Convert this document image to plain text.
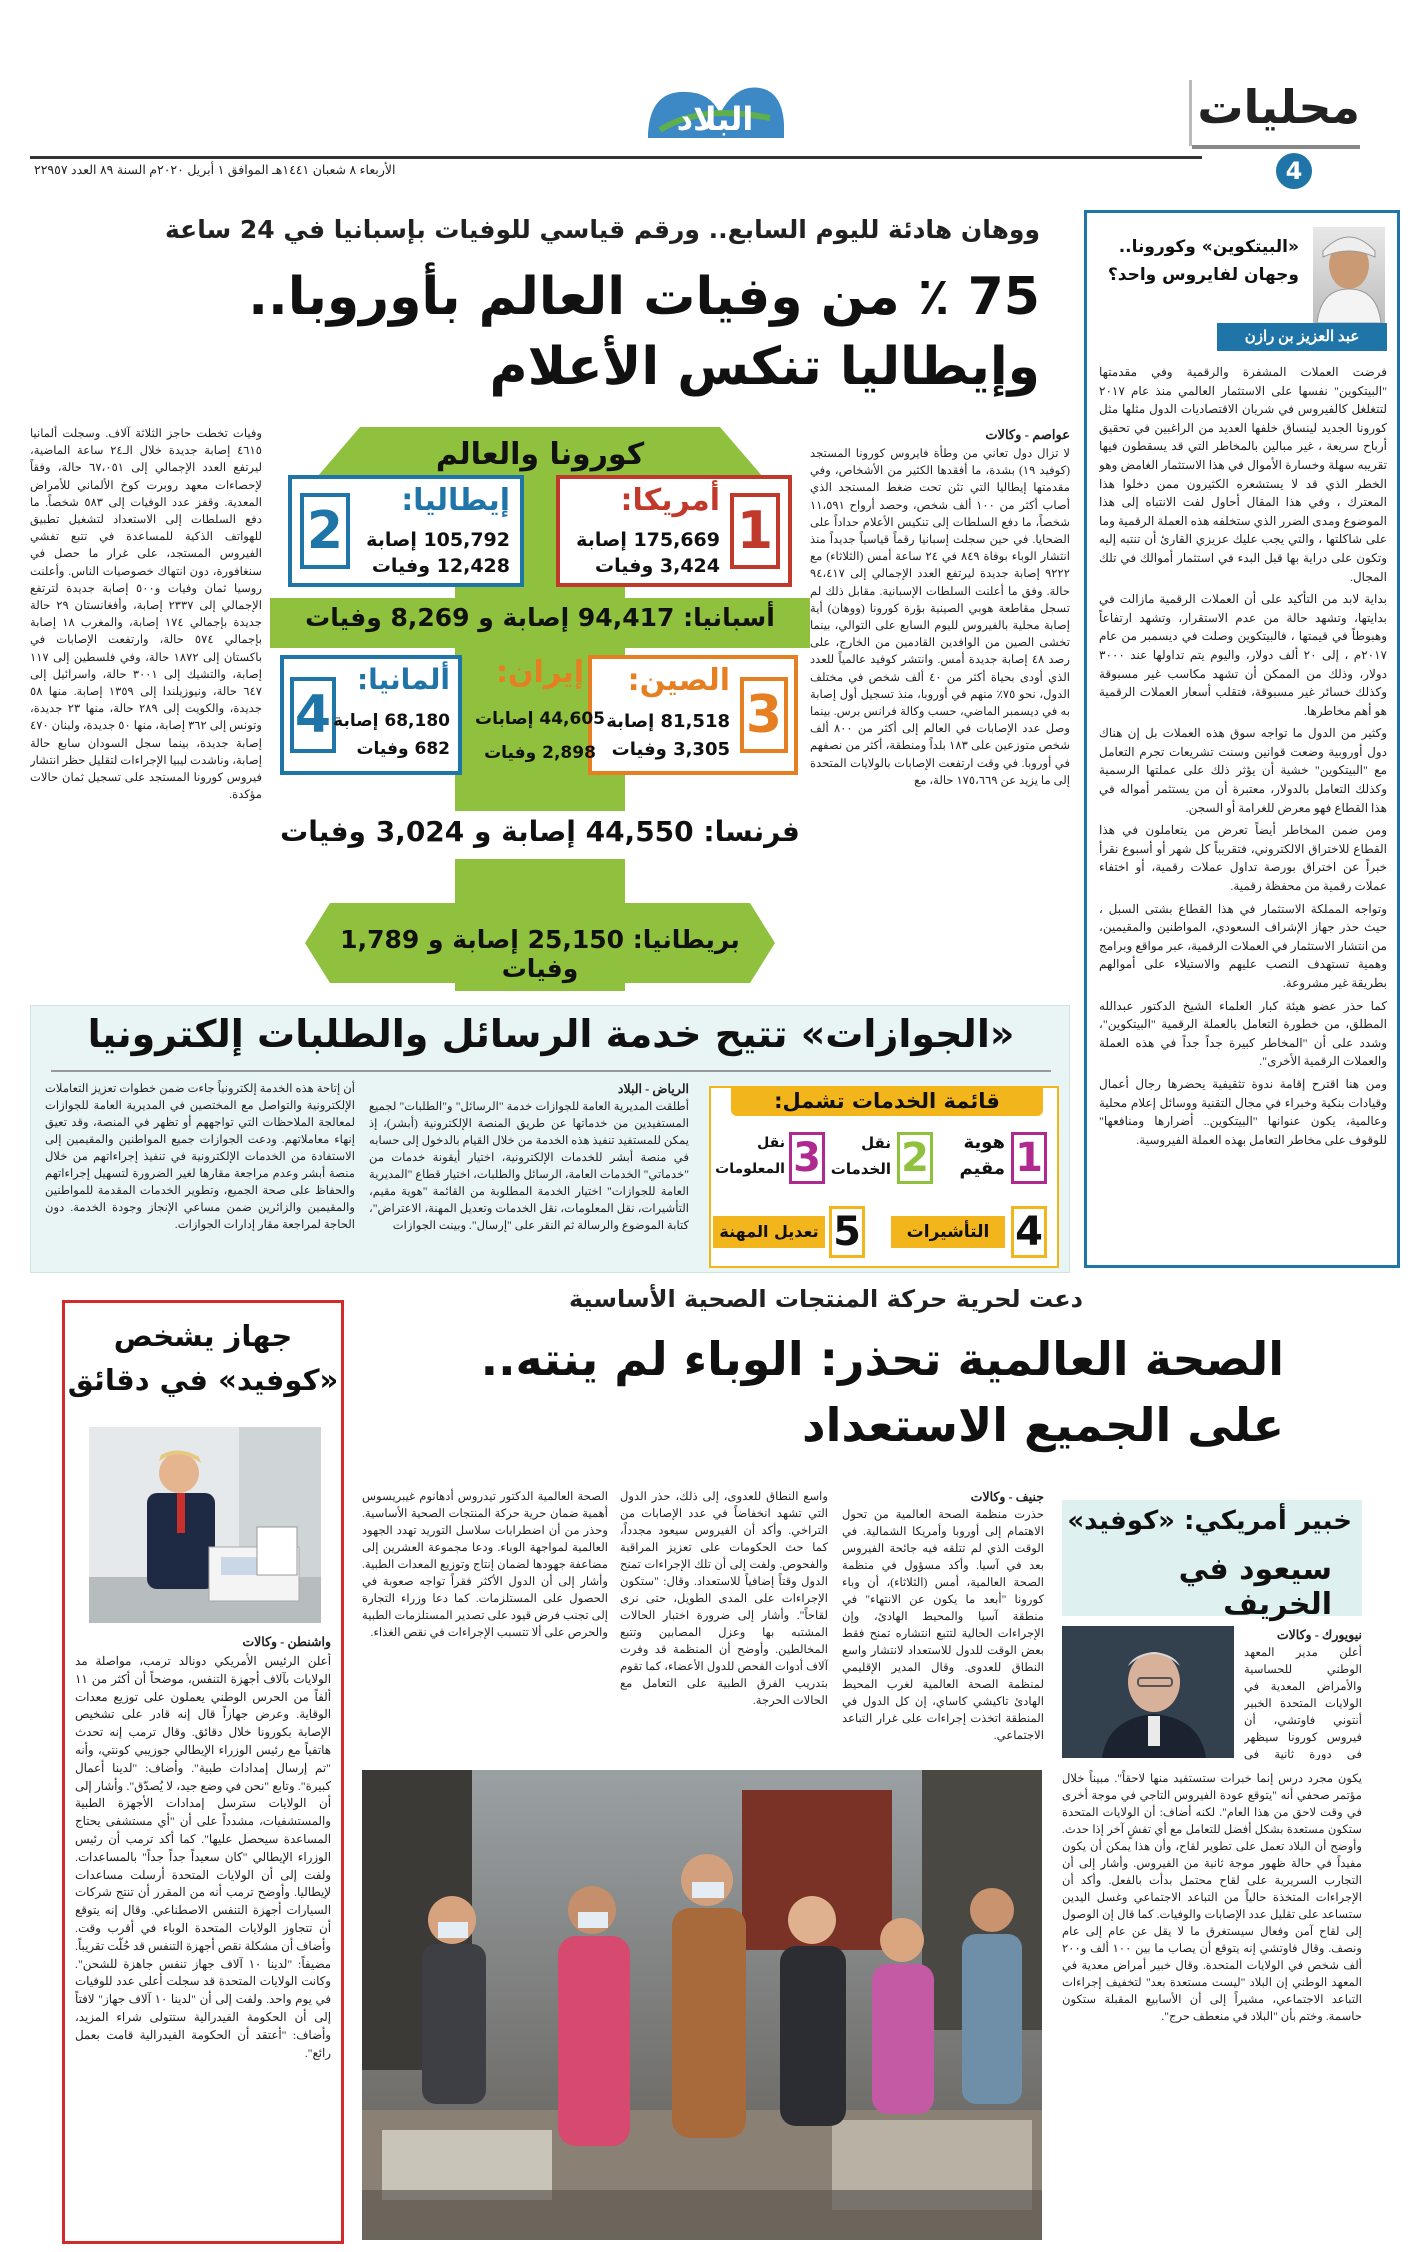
محليات
4
البلاد
الأربعاء ٨ شعبان ١٤٤١هـ الموافق ١ أبريل ٢٠٢٠م السنة ٨٩ العدد ٢٢٩٥٧
«البيتكوين» وكورونا..
وجهان لفايروس واحد؟
عبد العزيز بن رازن

فرضت العملات المشفرة والرقمية وفي مقدمتها "البيتكوين" نفسها على الاستثمار العالمي منذ عام ٢٠١٧ لتتغلغل كالفيروس في شريان الاقتصاديات الدول مثلها مثل كورونا الجديد لينساق خلفها العديد من الراغبين في تحقيق أرباح سريعة ، غير مبالين بالمخاطر التي قد يسقطون فيها تقريبه سهلة وخسارة الأموال في هذا الاستثمار الغامض وهو الخطر الذي قد لا يستشعره الكثيرون ممن دخلوا هذا المعترك ، وفي هذا المقال أحاول لفت الانتباه إلى هذا الموضوع ومدى الضرر الذي ستخلفه هذه العملة الرقمية وما على شاكلتها ، والتي يجب عليك عزيزي القارئ أن تنتبه إليه وتكون على دراية بها قبل البدء في استثمار أموالك في تلك المجال.

بداية لابد من التأكيد على أن العملات الرقمية مازالت في بدايتها، وتشهد حالة من عدم الاستقرار، وتشهد ارتفاعاً وهبوطاً في قيمتها ، فالبيتكوين وصلت في ديسمبر من عام ٢٠١٧م ، إلى ٢٠ ألف دولار، واليوم يتم تداولها عند ٣٠٠٠ دولار، وذلك من الممكن أن تشهد مكاسب غير مسبوقة وكذلك خسائر غير مسبوقة، فتقلب أسعار العملات الرقمية هو أهم مخاطرها.

وكثير من الدول ما تواجه سوق هذه العملات بل إن هناك دول أوروبية وضعت قوانين وسنت تشريعات تجرم التعامل مع "البيتكوين" خشية أن يؤثر ذلك على عملتها الرسمية وكذلك التعامل بالدولار، معتبرة أن من يستثمر أمواله في هذا القطاع فهو معرض للغرامة أو السجن.

ومن ضمن المخاطر أيضاً تعرض من يتعاملون في هذا القطاع للاختراق الالكتروني، فتقريباً كل شهر أو أسبوع نقرأ خبراً عن اختراق بورصة تداول عملات رقمية، أو اختفاء عملات رقمية من محفظة رقمية.

وتواجه المملكة الاستثمار في هذا القطاع بشتى السبل ، حيث حذر جهاز الإشراف السعودي، المواطنين والمقيمين، من انتشار الاستثمار في العملات الرقمية، عبر مواقع وبرامج وهمية تستهدف النصب عليهم والاستيلاء على أموالهم بطريقة غير مشروعة.

كما حذر عضو هيئة كبار العلماء الشيخ الدكتور عبدالله المطلق، من خطورة التعامل بالعملة الرقمية "البيتكوين"، وشدد على أن "المخاطر كبيرة جداً جداً في هذه العملة والعملات الرقمية الأخرى".

ومن هنا اقترح إقامة ندوة تثقيفية يحضرها رجال أعمال وقيادات بنكية وخبراء في مجال التقنية ووسائل إعلام محلية وعالمية، يكون عنوانها "البيتكوين.. أضرارها ومنافعها" للوقوف على مخاطر التعامل بهذه العملة الفيروسية.

ووهان هادئة لليوم السابع.. ورقم قياسي للوفيات بإسبانيا في 24 ساعة
75 ٪ من وفيات العالم بأوروبا..
وإيطاليا تنكس الأعلام
عواصم - وكالات
لا تزال دول تعاني من وطأة فايروس كورونا المستجد (كوفيد ١٩) بشدة، ما أفقدها الكثير من الأشخاص، وفي مقدمتها إيطاليا التي تئن تحت ضغط المستجد الذي أصاب أكثر من ١٠٠ ألف شخص، وحصد أرواح ١١،٥٩١ شخصاً، ما دفع السلطات إلى تنكيس الأعلام حداداً على الضحايا. في حين سجلت إسبانيا رقماً قياسياً جديداً منذ انتشار الوباء بوفاة ٨٤٩ في ٢٤ ساعة أمس (الثلاثاء) مع ٩٢٢٢ إصابة جديدة ليرتفع العدد الإجمالي إلى ٩٤،٤١٧ حالة. وفق ما أعلنت السلطات الإسبانية. مقابل ذلك لم تسجل مقاطعة هوبي الصينية بؤرة كورونا (ووهان) أية إصابة محلية بالفيروس لليوم السابع على التوالي، بينما تخشى الصين من الوافدين القادمين من الخارج، على رصد ٤٨ إصابة جديدة أمس. وانتشر كوفيد عالمياً للعدد الذي أودى بحياة أكثر من ٤٠ ألف شخص في مختلف الدول، نحو ٧٥٪ منهم في أوروبا، منذ تسجيل أول إصابة به في ديسمبر الماضي، حسب وكالة فرانس برس. بينما وصل عدد الإصابات في العالم إلى أكثر من ٨٠٠ ألف شخص متوزعين على ١٨٣ بلداً ومنطقة، أكثر من نصفهم في أوروبا. في وقت ارتفعت الإصابات بالولايات المتحدة إلى ما يزيد عن ١٧٥،٦٦٩ حالة، مع
وفيات تخطت حاجز الثلاثة آلاف. وسجلت ألمانيا ٤٦١٥ إصابة جديدة خلال الـ٢٤ ساعة الماضية، ليرتفع العدد الإجمالي إلى ٦٧،٠٥١ حالة، وفقاً لإحصاءات معهد روبرت كوخ الألماني للأمراض المعدية. وقفز عدد الوفيات إلى ٥٨٣ شخصاً. ما دفع السلطات إلى الاستعداد لتشغيل تطبيق للهواتف الذكية للمساعدة في تتبع تفشي الفيروس المستجد، على غرار ما حصل في سنغافورة، دون انتهاك خصوصيات الناس. وأعلنت روسيا ثمان وفيات و٥٠٠ إصابة جديدة لترتفع الإجمالي إلى ٢٣٣٧ إصابة، وأفغانستان ٢٩ حالة جديدة بإجمالي ١٧٤ إصابة، والمغرب ١٨ إصابة بإجمالي ٥٧٤ حالة، وارتفعت الإصابات في باكستان إلى ١٨٧٢ حالة، وفي فلسطين إلى ١١٧ إصابة، والتشيك إلى ٣٠٠١ حالة، واسرائيل إلى ٦٤٧ حالة، ونيوزيلندا إلى ١٣٥٩ إصابة. منها ٥٨ جديدة، والكويت إلى ٢٨٩ حالة، منها ٢٣ جديدة، وتونس إلى ٣٦٢ إصابة، منها ٥٠ جديدة، ولبنان ٤٧٠ إصابة جديدة، بينما سجل السودان سابع حالة إصابة، وناشدت ليبيا الإجراءات لتقليل حظر انتشار فيروس كورونا المستجد على تسجيل ثمان حالات مؤكدة.
كورونا والعالم
1
أمريكا:
175,669 إصابة
3,424 وفيات
2
إيطاليا:
105,792 إصابة
12,428 وفيات
أسبانيا: 94,417 إصابة و 8,269 وفيات
3
الصين:
81,518 إصابة
3,305 وفيات
إيران:
44,605 إصابات
2,898 وفيات
4
ألمانيا:
68,180 إصابة
682 وفيات
فرنسا: 44,550 إصابة و 3,024 وفيات
بريطانيا: 25,150 إصابة و 1,789 وفيات
«الجوازات» تتيح خدمة الرسائل والطلبات إلكترونيا
قائمة الخدمات تشمل:
1
هوية
مقيم
2
نقل
الخدمات
3
نقل
المعلومات
4
التأشيرات
5
تعديل المهنة
الرياض - البلاد
أطلقت المديرية العامة للجوازات خدمة "الرسائل" و"الطلبات" لجميع المستفيدين من خدماتها عن طريق المنصة الإلكترونية (أبشر)، إذ يمكن للمستفيد تنفيذ هذه الخدمة من خلال القيام بالدخول إلى حسابه في منصة أبشر للخدمات الإلكترونية، اختيار أيقونة خدمات من "خدماتي" الخدمات العامة، الرسائل والطلبات، اختيار قطاع "المديرية العامة للجوازات" اختيار الخدمة المطلوبة من القائمة "هوية مقيم، التأشيرات، نقل المعلومات، نقل الخدمات وتعديل المهنة، الاعتراض"، كتابة الموضوع والرسالة ثم النقر على "إرسال". وبينت الجوازات
أن إتاحة هذه الخدمة إلكترونياً جاءت ضمن خطوات تعزيز التعاملات الإلكترونية والتواصل مع المختصين في المديرية العامة للجوازات لمعالجة الملاحظات التي تواجههم أو تظهر في المنصة، وقد تعيق إنهاء معاملاتهم. ودعت الجوازات جميع المواطنين والمقيمين إلى الاستفادة من الخدمات الإلكترونية في تنفيذ إجراءاتهم من خلال منصة أبشر وعدم مراجعة مقارها لغير الضرورة لتسهيل إجراءاتهم والحفاظ على صحة الجميع، وتطوير الخدمات المقدمة للمواطنين والمقيمين والزائرين ضمن مساعي الإنجاز وجودة الخدمة. دون الحاجة لمراجعة مقار إدارات الجوازات.
دعت لحرية حركة المنتجات الصحية الأساسية
الصحة العالمية تحذر: الوباء لم ينته..
على الجميع الاستعداد
جنيف - وكالات
حذرت منظمة الصحة العالمية من تحول الاهتمام إلى أوروبا وأمريكا الشمالية. في الوقت الذي لم تتلقه فيه جائحة الفيروس بعد في آسيا. وأكد مسؤول في منظمة الصحة العالمية، أمس (الثلاثاء)، أن وباء كورونا "أبعد ما يكون عن الانتهاء" في منطقة آسيا والمحيط الهادئ، وإن الإجراءات الحالية لتتبع انتشاره تمنح فقط بعض الوقت للدول للاستعداد لانتشار واسع النطاق للعدوى. وقال المدير الإقليمي لمنظمة الصحة العالمية لغرب المحيط الهادئ تاكيشي كاساي، إن كل الدول في المنطقة اتخذت إجراءات على غرار التباعد الاجتماعي.
واسع النطاق للعدوى، إلى ذلك، حذر الدول التي تشهد انخفاضاً في عدد الإصابات من التراخي. وأكد أن الفيروس سيعود مجدداً، كما حث الحكومات على تعزيز المراقبة والفحوص. ولفت إلى أن تلك الإجراءات تمنح الدول وقتاً إضافياً للاستعداد. وقال: "ستكون الإجراءات على المدى الطويل، حتى نرى لقاحاً". وأشار إلى ضرورة اختبار الحالات المشتبه بها وعزل المصابين وتتبع المخالطين. وأوضح أن المنظمة قد وفرت آلاف أدوات الفحص للدول الأعضاء، كما تقوم بتدريب الفرق الطبية على التعامل مع الحالات الحرجة.
الصحة العالمية الدكتور تيدروس أدهانوم غيبريسوس أهمية ضمان حرية حركة المنتجات الصحية الأساسية. وحذر من أن اضطرابات سلاسل التوريد تهدد الجهود العالمية لمواجهة الوباء. ودعا مجموعة العشرين إلى مضاعفة جهودها لضمان إنتاج وتوزيع المعدات الطبية. وأشار إلى أن الدول الأكثر فقراً تواجه صعوبة في الحصول على المستلزمات. كما دعا وزراء التجارة إلى تجنب فرض قيود على تصدير المستلزمات الطبية والحرص على ألا تتسبب الإجراءات في نقص الغذاء.
جهاز يشخص
«كوفيد» في دقائق
واشنطن - وكالات
أعلن الرئيس الأمريكي دونالد ترمب، مواصلة مد الولايات بآلاف أجهزة التنفس، موضحاً أن أكثر من ١١ ألفاً من الحرس الوطني يعملون على توزيع معدات الوقاية. وعرض جهازاً قال إنه قادر على تشخيص الإصابة بكورونا خلال دقائق. وقال ترمب إنه تحدث هاتفياً مع رئيس الوزراء الإيطالي جوزيبي كونتي، وأنه "تم إرسال إمدادات طبية". وأضاف: "لدينا أعمال كبيرة". وتابع "نحن في وضع جيد، لا يُصدّق". وأشار إلى أن الولايات سترسل إمدادات الأجهزة الطبية والمستشفيات، مشدداً على أن "أي مستشفى يحتاج المساعدة سيحصل عليها". كما أكد ترمب أن رئيس الوزراء الإيطالي "كان سعيداً جداً جداً" بالمساعدات. ولفت إلى أن الولايات المتحدة أرسلت مساعدات لإيطاليا. وأوضح ترمب أنه من المقرر أن تنتج شركات السيارات أجهزة التنفس الاصطناعي. وقال إنه يتوقع أن تتجاوز الولايات المتحدة الوباء في أقرب وقت. وأضاف أن مشكلة نقص أجهزة التنفس قد حُلّت تقريباً. مضيفاً: "لدينا ١٠ آلاف جهاز تنفس جاهزة للشحن". وكانت الولايات المتحدة قد سجلت أعلى عدد للوفيات في يوم واحد. ولفت إلى أن "لدينا ١٠ آلاف جهاز" لافتاً إلى أن الحكومة الفيدرالية ستتولى شراء المزيد، وأضاف: "أعتقد أن الحكومة الفيدرالية قامت بعمل رائع".
خبير أمريكي: «كوفيد»
سيعود في الخريف
نيويورك - وكالات
أعلن مدير المعهد الوطني للحساسية والأمراض المعدية في الولايات المتحدة الخبير أنتوني فاوتشي، أن فيروس كورونا سيظهر في دورة ثانية في
يكون مجرد درس إنما خبرات ستستفيد منها لاحقاً". مبيناً خلال مؤتمر صحفي أنه "يتوقع عودة الفيروس التاجي في موجة أخرى في وقت لاحق من هذا العام". لكنه أضاف: أن الولايات المتحدة ستكون مستعدة بشكل أفضل للتعامل مع أي تفشٍ آخر إذا حدث. وأوضح أن البلاد تعمل على تطوير لقاح، وأن هذا يمكن أن يكون مفيداً في حالة ظهور موجة ثانية من الفيروس. وأشار إلى أن التجارب السريرية على لقاح محتمل بدأت بالفعل. وأكد أن الإجراءات المتخذة حالياً من التباعد الاجتماعي وغسل اليدين ستساعد على تقليل عدد الإصابات والوفيات. كما قال إن الوصول إلى لقاح آمن وفعال سيستغرق ما لا يقل عن عام إلى عام ونصف. وقال فاوتشي إنه يتوقع أن يصاب ما بين ١٠٠ ألف و٢٠٠ ألف شخص في الولايات المتحدة. وقال خبير أمراض معدية في المعهد الوطني إن البلاد "ليست مستعدة بعد" لتخفيف إجراءات التباعد الاجتماعي، مشيراً إلى أن الأسابيع المقبلة ستكون حاسمة. وختم بأن "البلاد في منعطف حرج".
